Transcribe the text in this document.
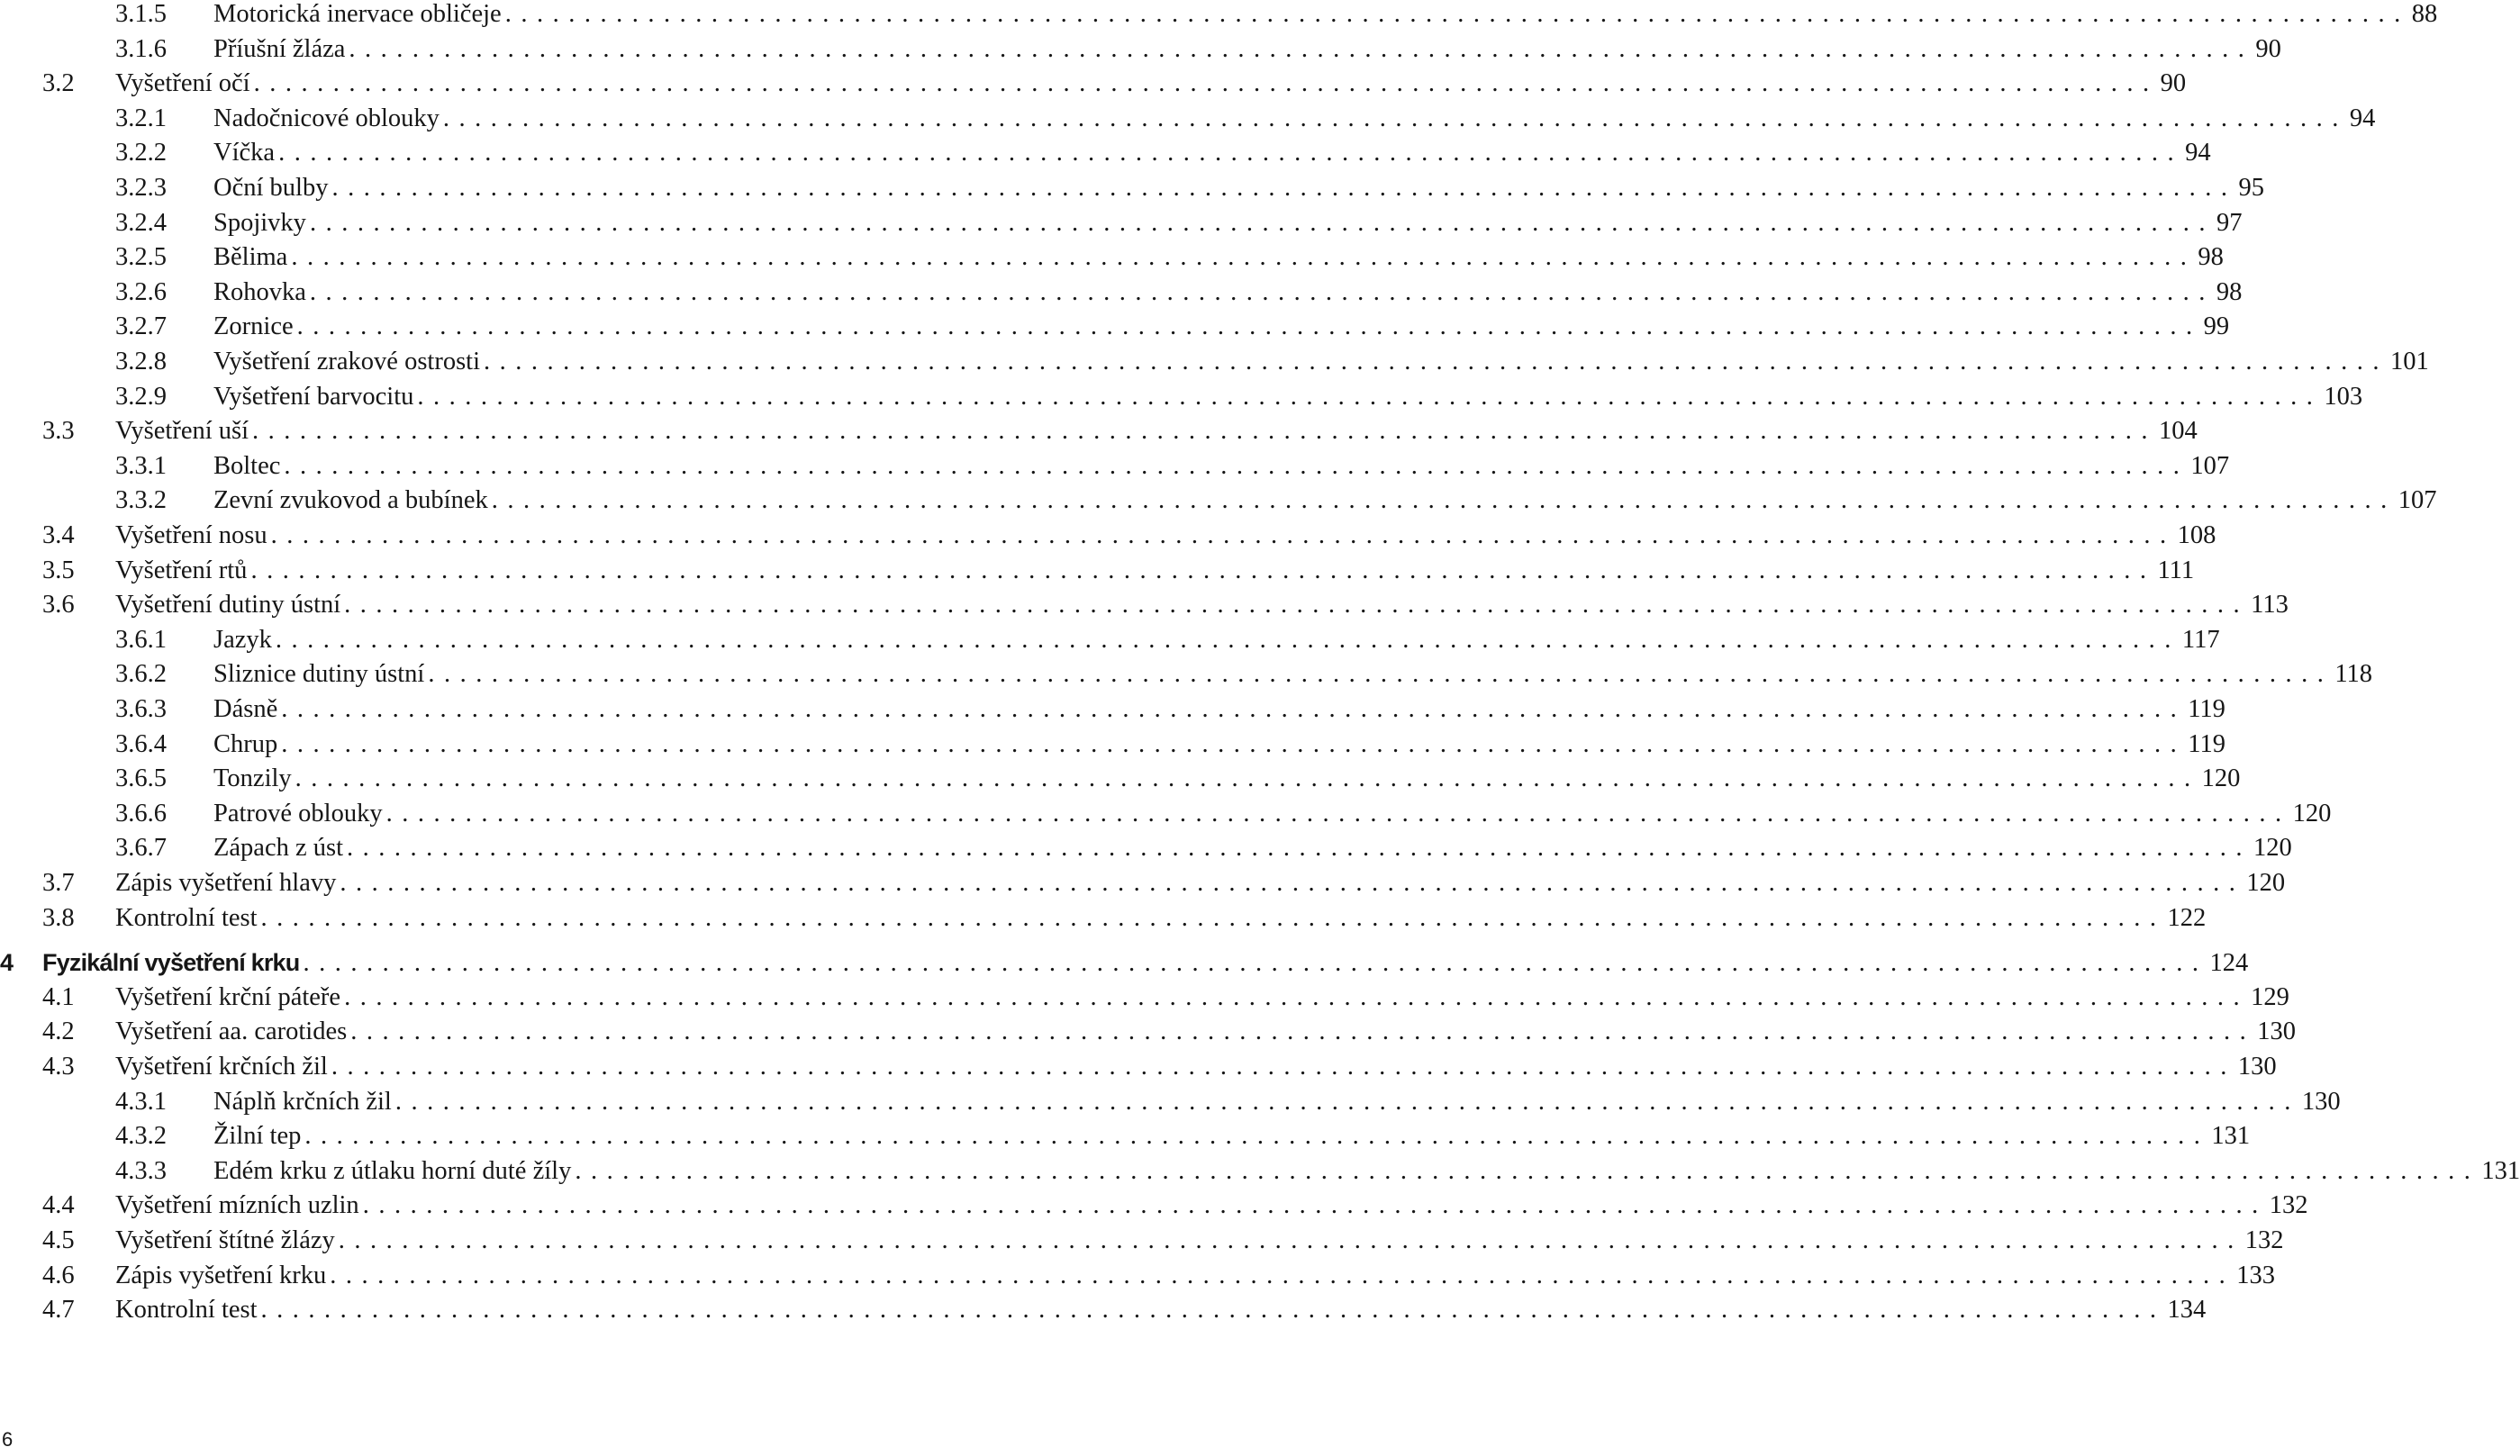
3.1.5 Motorická inervace obličeje ........................................................................................................................ 88
3.1.6 Příušní žláza ........................................................................................................................ 90
3.2 Vyšetření očí ........................................................................................................................ 90
3.2.1 Nadočnicové oblouky ........................................................................................................................ 94
3.2.2 Víčka ........................................................................................................................ 94
3.2.3 Oční bulby ........................................................................................................................ 95
3.2.4 Spojivky ........................................................................................................................ 97
3.2.5 Bělima ........................................................................................................................ 98
3.2.6 Rohovka ........................................................................................................................ 98
3.2.7 Zornice ........................................................................................................................ 99
3.2.8 Vyšetření zrakové ostrosti ........................................................................................................................ 101
3.2.9 Vyšetření barvocitu ........................................................................................................................ 103
3.3 Vyšetření uší ........................................................................................................................ 104
3.3.1 Boltec ........................................................................................................................ 107
3.3.2 Zevní zvukovod a bubínek ........................................................................................................................ 107
3.4 Vyšetření nosu ........................................................................................................................ 108
3.5 Vyšetření rtů ........................................................................................................................ 111
3.6 Vyšetření dutiny ústní ........................................................................................................................ 113
3.6.1 Jazyk ........................................................................................................................ 117
3.6.2 Sliznice dutiny ústní ........................................................................................................................ 118
3.6.3 Dásně ........................................................................................................................ 119
3.6.4 Chrup ........................................................................................................................ 119
3.6.5 Tonzily ........................................................................................................................ 120
3.6.6 Patrové oblouky ........................................................................................................................ 120
3.6.7 Zápach z úst ........................................................................................................................ 120
3.7 Zápis vyšetření hlavy ........................................................................................................................ 120
3.8 Kontrolní test ........................................................................................................................ 122
4 Fyzikální vyšetření krku ........................................................................................................................ 124
4.1 Vyšetření krční páteře ........................................................................................................................ 129
4.2 Vyšetření aa. carotides ........................................................................................................................ 130
4.3 Vyšetření krčních žil ........................................................................................................................ 130
4.3.1 Náplň krčních žil ........................................................................................................................ 130
4.3.2 Žilní tep ........................................................................................................................ 131
4.3.3 Edém krku z útlaku horní duté žíly ........................................................................................................................ 131
4.4 Vyšetření mízních uzlin ........................................................................................................................ 132
4.5 Vyšetření štítné žlázy ........................................................................................................................ 132
4.6 Zápis vyšetření krku ........................................................................................................................ 133
4.7 Kontrolní test ........................................................................................................................ 134
6
